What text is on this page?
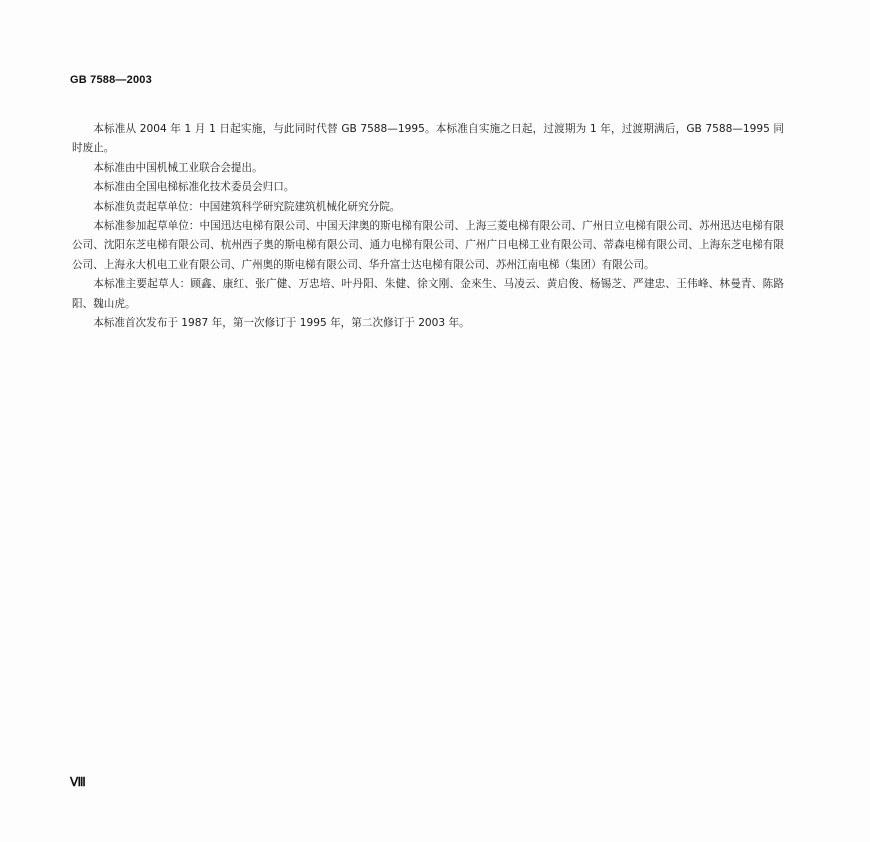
GB 7588—2003

本标准从 2004 年 1 月 1 日起实施，与此同时代替 GB 7588—1995。本标准自实施之日起，过渡期为 1 年，过渡期满后，GB 7588—1995 同时废止。

本标准由中国机械工业联合会提出。

本标准由全国电梯标准化技术委员会归口。

本标准负责起草单位：中国建筑科学研究院建筑机械化研究分院。

本标准参加起草单位：中国迅达电梯有限公司、中国天津奥的斯电梯有限公司、上海三菱电梯有限公司、广州日立电梯有限公司、苏州迅达电梯有限公司、沈阳东芝电梯有限公司、杭州西子奥的斯电梯有限公司、通力电梯有限公司、广州广日电梯工业有限公司、蒂森电梯有限公司、上海东芝电梯有限公司、上海永大机电工业有限公司、广州奥的斯电梯有限公司、华升富士达电梯有限公司、苏州江南电梯（集团）有限公司。

本标准主要起草人：顾鑫、康红、张广健、万忠培、叶丹阳、朱健、徐文刚、金來生、马凌云、黄启俊、杨锡芝、严建忠、王伟峰、林曼青、陈路阳、魏山虎。

本标准首次发布于 1987 年，第一次修订于 1995 年，第二次修订于 2003 年。

Ⅷ
